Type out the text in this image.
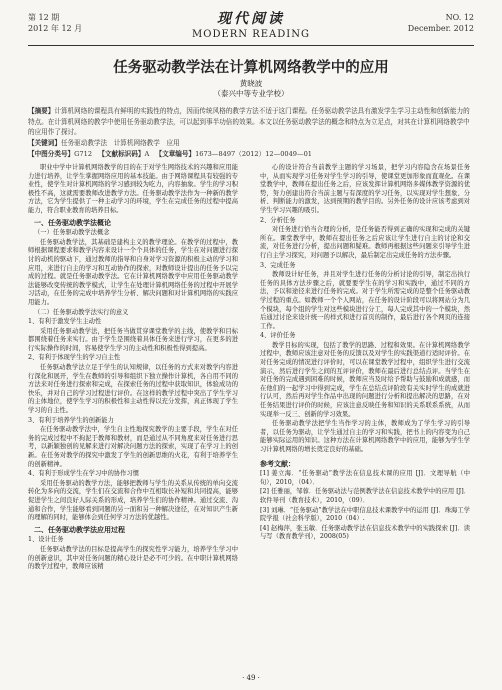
第 12 期
2012 年 12 月
现代阅读
MODERN READING
NO. 12
December. 2012
任务驱动教学法在计算机网络教学中的应用
黄晓波
（泰兴中等专业学校）
【摘要】计算机网络的课程具有鲜明的实践性的特点，因而传统风格的教学方法不适于这门课程。任务驱动教学法具有激发学生学习主动性和创新能力的特点。在计算机网络的教学中使用任务驱动教学法，可以起到事半功倍的效果。本文以任务驱动教学法的概念和特点为立足点，对其在计算机网络教学中的应用作了探讨。
【关键词】任务驱动教学法　计算机网络教学　应用
【中图分类号】G712 【文献标识码】A 【文章编号】1673—8497（2012）12—0049—01

职业中学中计算机网络教学的目的在于对学生网络技术的兴趣和应用能力进行培养，让学生掌握网络应用的基本技能。由于网络课程具有较强的专业性，使学生对计算机网络的学习感到较为吃力，内容抽象。学生的学习积极性不高，这就需要教师改进教学方法。任务驱动教学法作为一种新的教学方法，它为学生提供了一种主动学习的环境，学生在完成任务的过程中提高能力，符合职业教育的培养目标。

一、任务驱动教学法概论

（一）任务驱动教学法概念

任务驱动教学法，其基础是建构主义的教学理论。在教学的过程中，教师根据课程要求和教学内容来设计一个个具体的任务，学生在对问题进行探讨的动机的驱动下，通过教师的指导和自身对学习资源的积极主动的学习和应用，来进行自主的学习和互动协作的探索，对教师设计提出的任务予以完成的过程。就是任务驱动教学法。它在计算机网络教学中应用任务驱动教学法能够改变传统的教学模式，让学生在处理计算机网络任务的过程中开展学习活动，在任务的完成中培养学生分析、解决问题和对计算机网络的实践应用能力。

（二）任务驱动教学法实行的意义

1、有利于激发学生主动性

采用任务驱动教学法，把任务当做贯穿课堂教学的主线，使教学和目标都围绕着任务来实行。由于学生是围绕着具体任务来进行学习，在更多的进行实际操作的时间，容易使学生学习的主动性和积极性得到提高。

2、有利于体现学生的学习自主性

任务驱动教学法立足于学生的认知规律，以任务的方式来对教学内容进行深化和展开，学生在教师的引导和组织下独立操作计算机，各自用不同的方法来对任务进行探索和完成，在探索任务的过程中获取知识，体验成功的快乐，并对自己的学习过程进行评价。在这样的教学过程中突出了学生学习的主体地位，使学生学习的积极性和主动性得以充分发挥，真正体现了学生学习的自主性。

3、有利于培养学生的创新能力

在任务驱动教学法中，学生自主性地探究教学的主要手段，学生在对任务的完成过程中不拘泥于教师和教材，而是通过从不同角度来对任务进行思考，以新颖独创的见解来进行对解决问题方法的探索，实现了在学习上的创新。在任务对教学的探究中激发了学生的创新思维的火花，有利于培养学生的创新精神。

4、有利于形成学生在学习中的协作习惯

采用任务驱动的教学方法，能够把教师与学生的关系从传统的单向交流转化为多向的交流，学生们在交流和合作中互相取长补短和共同提高，能够促进学生之间良好人际关系的形成，培养学生们的协作精神。通过交流、沟通和合作，学生能够看到同题的另一面和另一种解决途径，在对知识产生新的理解的同时，能够体会到任何学习方法的优越性。

二、任务驱动教学法应用过程

1、设计任务

任务驱动教学法的目标是提高学生的探究性学习能力，培养学生学习中的创新意识，其中对任务问题的精心设计是必不可少的。在中职计算机网络的教学过程中，教师应该精

心的设计符合当前教学主题的学习场景，把学习内容隐含在场景任务中，从而实现学习任务对学生学习的引导，使课堂更加形象而直观化。在课堂教学中，教师在提出任务之后，应该发挥计算机网络多媒体教学资源的优势，努力创建出符合当前主题与有深度的学习任务，以实现对学生想象、分析、判断能力的激发，达到预期的教学目的。另外任务的设计应该考虑到对学生学习兴趣的吸引。

2、分析任务

对任务进行恰当合理的分析，是任务能否得到正确的实现和完成的关键所在。课堂教学中，教师在提出任务之后应该让学生进行自主的讨论和交流，对任务进行分析，提出问题和疑难。教师再根据这些问题来引导学生进行自主学习探究，对问题予以解决，最后制定出完成任务的方法步骤。

3、完成任务

教师设计好任务，并且对学生进行任务的分析讨论的引导，制定出执行任务的具体方法步骤之后，就要要学生在的学习和实践中，通过不同的方法，予以和途径来进行任务的完成。对于学生所需完成的是整个任务驱动教学过程的重点。如教师一个个人网站，在任务的设计阶段可以将网站分为几个模块，每个组的学生对这些模块进行分工，每人完成其中的一个模块，然后通过讨论来设计统一的样式和进行首页的制作，最后进行各个网页的连接工作。

4、评价任务

教学目标的实现，包括了教学的思路、过程和效果。在计算机网络教学过程中，教师应该注意对任务的反馈以及对学生的实践渠道行适时评价。在对任务完成的情况进行评价时，可以在课堂教学过程中，组织学生进行交流演示，然后进行学生之间的互评评价，教师在最后进行总结点评。当学生在对任务的完成遇到困难的时候，教师应当及时给予帮助与鼓励和成就感，而在他们的一起学习中得到完成，学生在总结点评阶段有关实时学生的成就进行认可，然后再对学生作品中出现的问题进行分析和提出解决的思路，在对任务结果进行评价的时候，应该注意反映任务和知识的关系联系系统，从而实现举一反三、创新的学习效果。

任务驱动教学法把学生当作学习的主体，教师成为了学生学习的引导者，以任务为驱动，让学生通过自主的学习和实践，把书上的内容变为自己能够实际运用的知识。这种方法在计算机网络教学中的应用，能够为学生学习计算机网络的增长奠定良好的基础。

参考文献：

[1] 姜立海．“任务驱动”教学法在信息技术课的应用 [J]．文理导航（中旬），2010，（04）．

[2] 任雅丽，邹蓉．任务驱动法与范例教学法在信息技术教学中的应用 [J]．软件导刊（教育技术），2010，（09）．

[3] 刘琳．“任务驱动”教学法在中职信息技术课教学中的运用 [J]．珠海工学院学报（社会科学版），2010（04）.

[4] 赵梅萍，张玉敏．任务驱动教学法在信息技术教学中的实践探索 [J]．读与写（教育教学刊），2008(05)

· 49 ·
